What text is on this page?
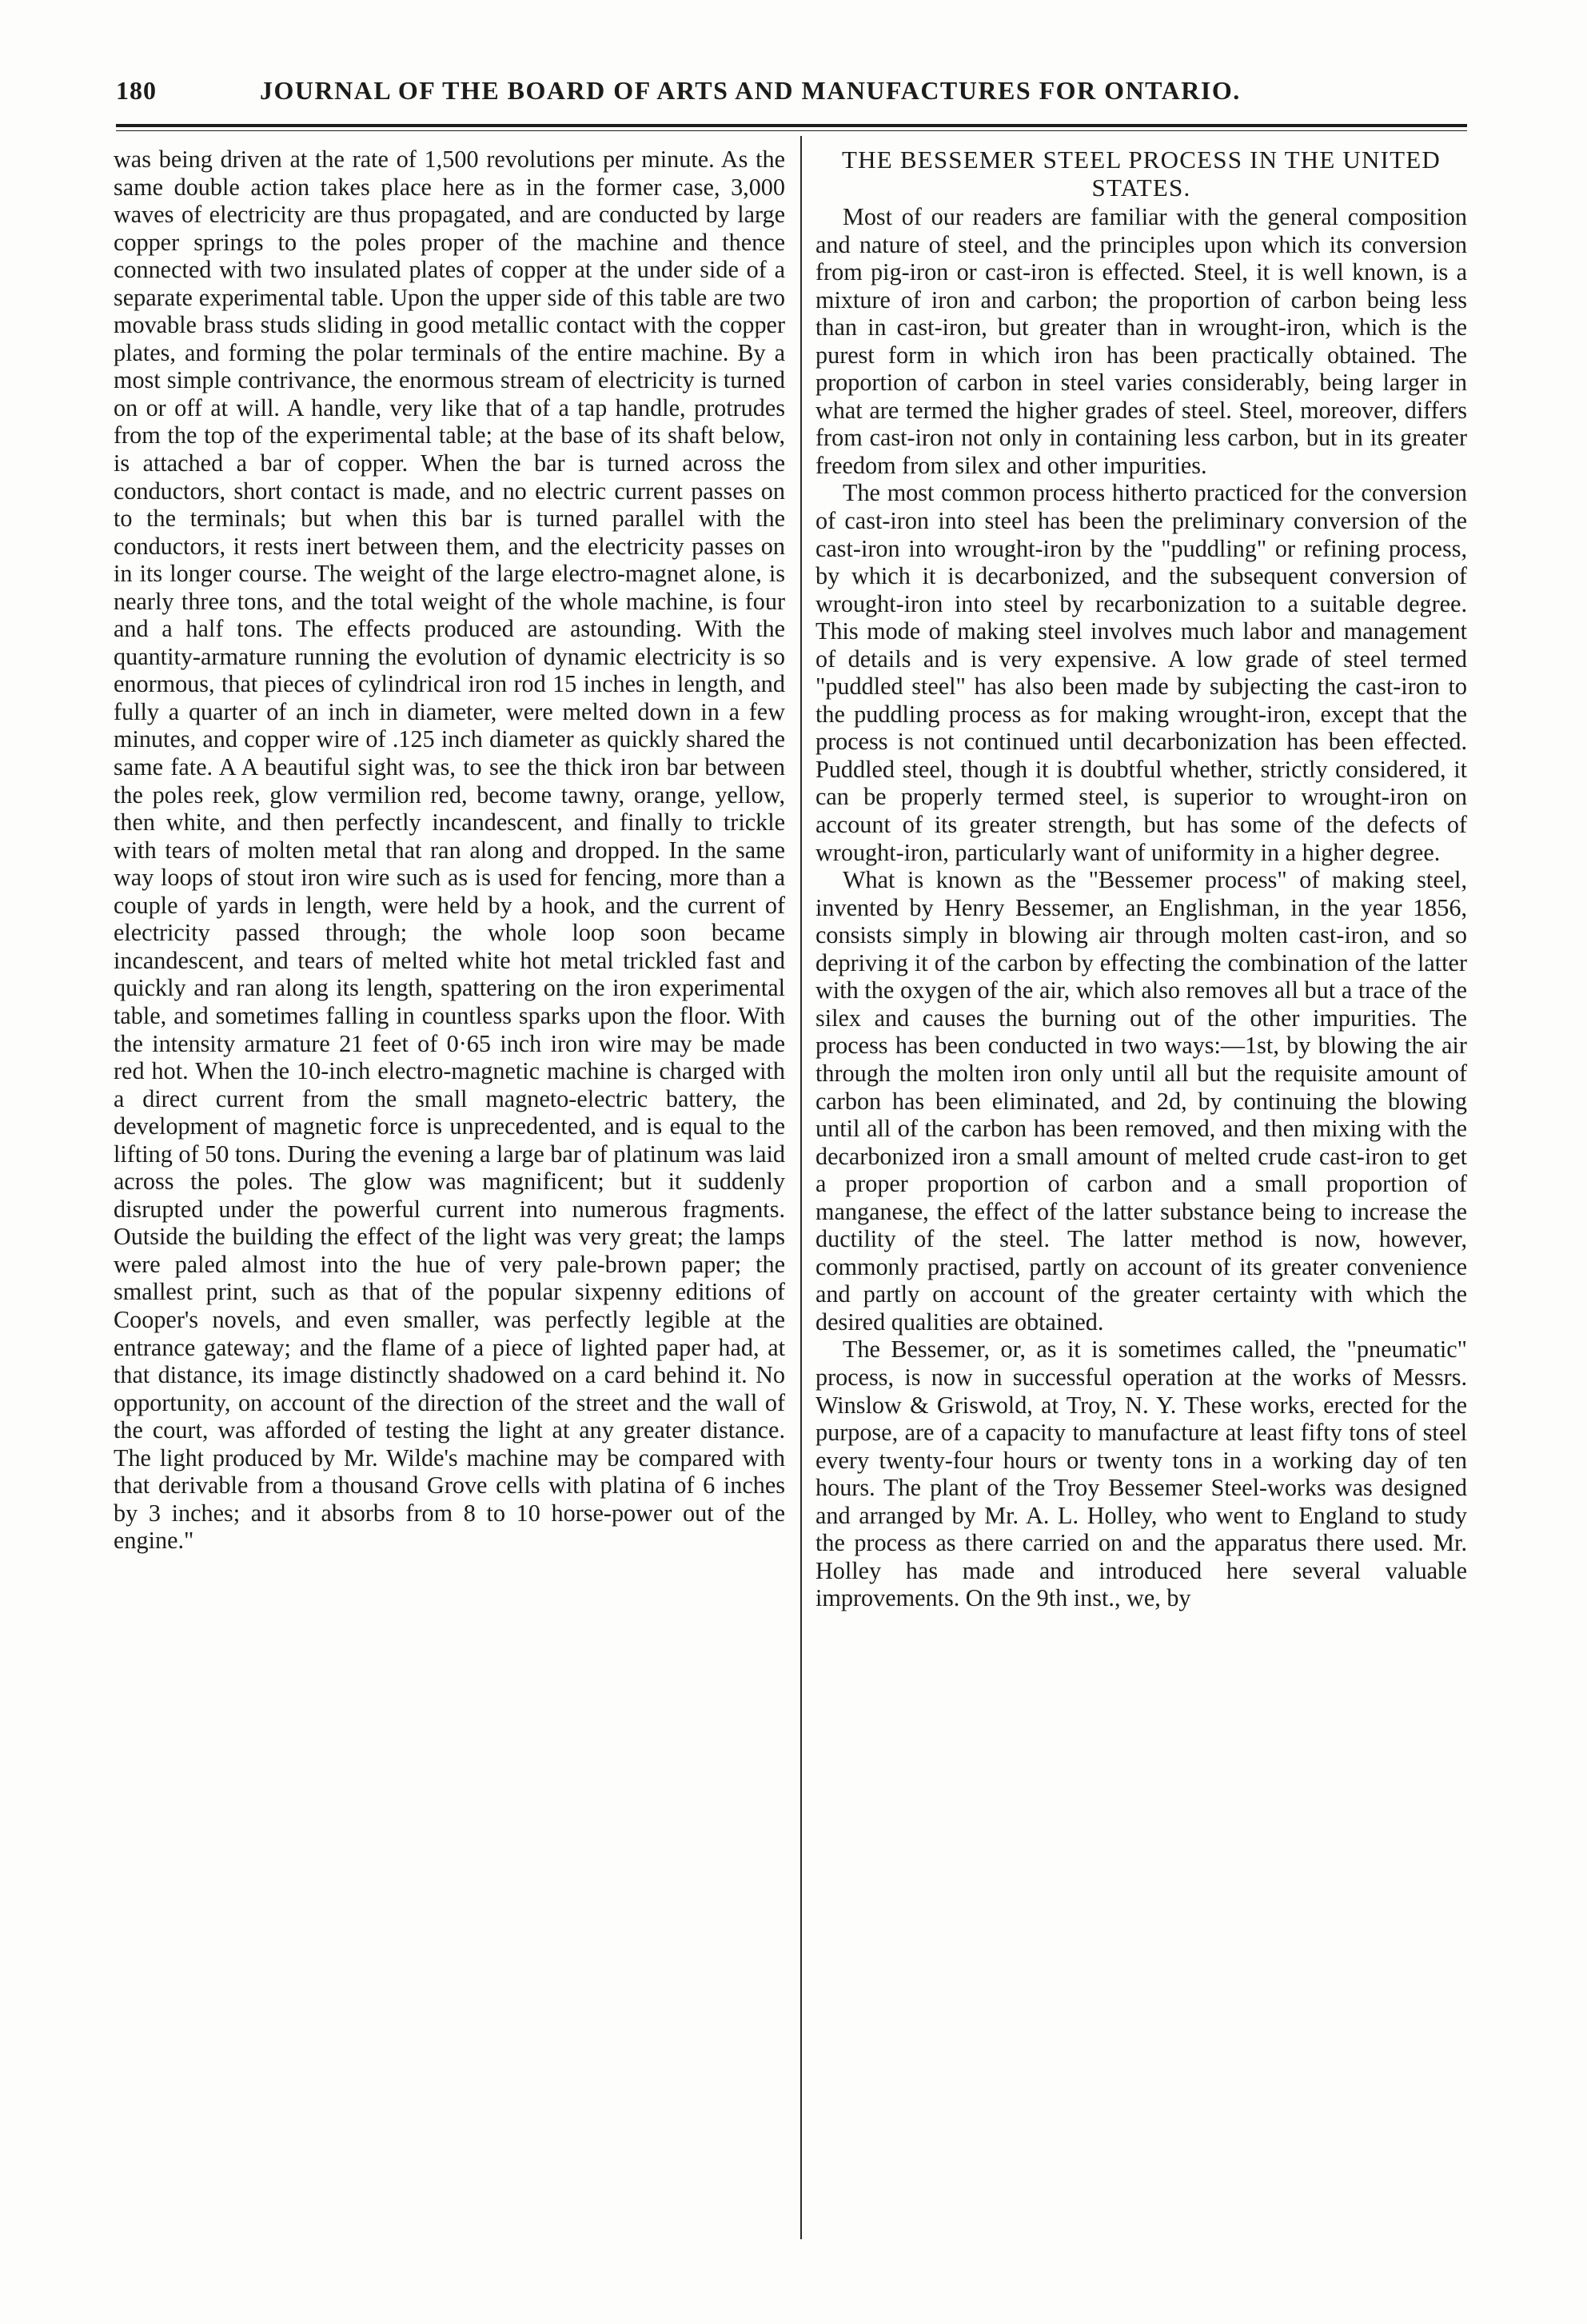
180	JOURNAL OF THE BOARD OF ARTS AND MANUFACTURES FOR ONTARIO.

was being driven at the rate of 1,500 revolutions per minute. As the same double action takes place here as in the former case, 3,000 waves of electricity are thus propagated, and are conducted by large copper springs to the poles proper of the machine and thence connected with two insulated plates of copper at the under side of a separate experimental table. Upon the upper side of this table are two movable brass studs sliding in good metallic contact with the copper plates, and forming the polar terminals of the entire machine. By a most simple contrivance, the enormous stream of electricity is turned on or off at will. A handle, very like that of a tap handle, protrudes from the top of the experimental table; at the base of its shaft below, is attached a bar of copper. When the bar is turned across the conductors, short contact is made, and no electric current passes on to the terminals; but when this bar is turned parallel with the conductors, it rests inert between them, and the electricity passes on in its longer course. The weight of the large electro-magnet alone, is nearly three tons, and the total weight of the whole machine, is four and a half tons. The effects produced are astounding. With the quantity-armature running the evolution of dynamic electricity is so enormous, that pieces of cylindrical iron rod 15 inches in length, and fully a quarter of an inch in diameter, were melted down in a few minutes, and copper wire of .125 inch diameter as quickly shared the same fate. A A beautiful sight was, to see the thick iron bar between the poles reek, glow vermilion red, become tawny, orange, yellow, then white, and then perfectly incandescent, and finally to trickle with tears of molten metal that ran along and dropped. In the same way loops of stout iron wire such as is used for fencing, more than a couple of yards in length, were held by a hook, and the current of electricity passed through; the whole loop soon became incandescent, and tears of melted white hot metal trickled fast and quickly and ran along its length, spattering on the iron experimental table, and sometimes falling in countless sparks upon the floor. With the intensity armature 21 feet of 0·65 inch iron wire may be made red hot. When the 10-inch electro-magnetic machine is charged with a direct current from the small magneto-electric battery, the development of magnetic force is unprecedented, and is equal to the lifting of 50 tons. During the evening a large bar of platinum was laid across the poles. The glow was magnificent; but it suddenly disrupted under the powerful current into numerous fragments. Outside the building the effect of the light was very great; the lamps were paled almost into the hue of very pale-brown paper; the smallest print, such as that of the popular sixpenny editions of Cooper's novels, and even smaller, was perfectly legible at the entrance gateway; and the flame of a piece of lighted paper had, at that distance, its image distinctly shadowed on a card behind it. No opportunity, on account of the direction of the street and the wall of the court, was afforded of testing the light at any greater distance. The light produced by Mr. Wilde's machine may be compared with that derivable from a thousand Grove cells with platina of 6 inches by 3 inches; and it absorbs from 8 to 10 horse-power out of the engine."

THE BESSEMER STEEL PROCESS IN THE UNITED STATES.

Most of our readers are familiar with the general composition and nature of steel, and the principles upon which its conversion from pig-iron or cast-iron is effected. Steel, it is well known, is a mixture of iron and carbon; the proportion of carbon being less than in cast-iron, but greater than in wrought-iron, which is the purest form in which iron has been practically obtained. The proportion of carbon in steel varies considerably, being larger in what are termed the higher grades of steel. Steel, moreover, differs from cast-iron not only in containing less carbon, but in its greater freedom from silex and other impurities.

The most common process hitherto practiced for the conversion of cast-iron into steel has been the preliminary conversion of the cast-iron into wrought-iron by the "puddling" or refining process, by which it is decarbonized, and the subsequent conversion of wrought-iron into steel by recarbonization to a suitable degree. This mode of making steel involves much labor and management of details and is very expensive. A low grade of steel termed "puddled steel" has also been made by subjecting the cast-iron to the puddling process as for making wrought-iron, except that the process is not continued until decarbonization has been effected. Puddled steel, though it is doubtful whether, strictly considered, it can be properly termed steel, is superior to wrought-iron on account of its greater strength, but has some of the defects of wrought-iron, particularly want of uniformity in a higher degree.

What is known as the "Bessemer process" of making steel, invented by Henry Bessemer, an Englishman, in the year 1856, consists simply in blowing air through molten cast-iron, and so depriving it of the carbon by effecting the combination of the latter with the oxygen of the air, which also removes all but a trace of the silex and causes the burning out of the other impurities. The process has been conducted in two ways:—1st, by blowing the air through the molten iron only until all but the requisite amount of carbon has been eliminated, and 2d, by continuing the blowing until all of the carbon has been removed, and then mixing with the decarbonized iron a small amount of melted crude cast-iron to get a proper proportion of carbon and a small proportion of manganese, the effect of the latter substance being to increase the ductility of the steel. The latter method is now, however, commonly practised, partly on account of its greater convenience and partly on account of the greater certainty with which the desired qualities are obtained.

The Bessemer, or, as it is sometimes called, the "pneumatic" process, is now in successful operation at the works of Messrs. Winslow & Griswold, at Troy, N. Y. These works, erected for the purpose, are of a capacity to manufacture at least fifty tons of steel every twenty-four hours or twenty tons in a working day of ten hours. The plant of the Troy Bessemer Steel-works was designed and arranged by Mr. A. L. Holley, who went to England to study the process as there carried on and the apparatus there used. Mr. Holley has made and introduced here several valuable improvements. On the 9th inst., we, by
